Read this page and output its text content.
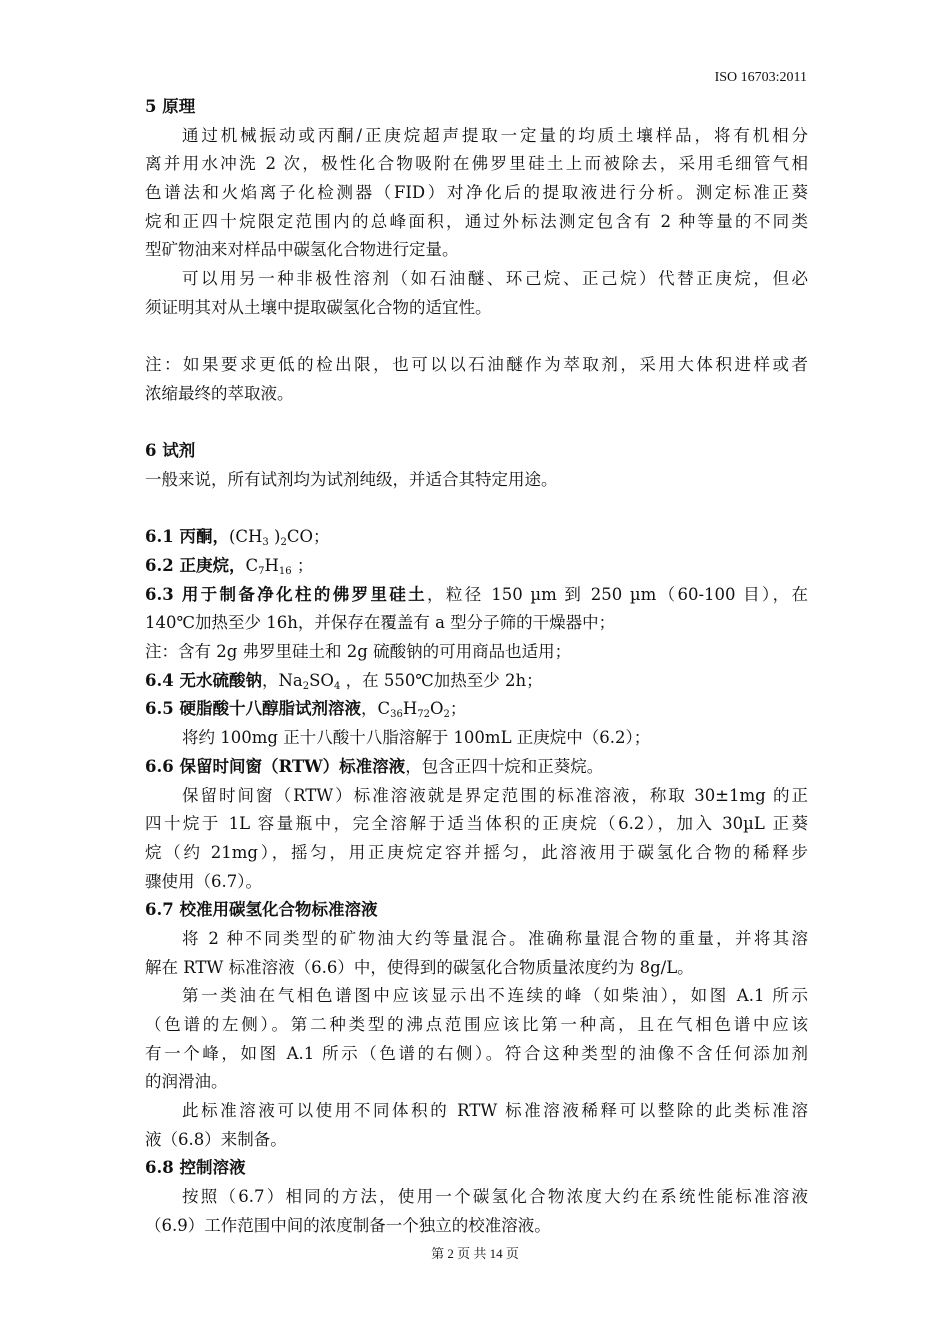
ISO 16703:2011
5 原理
通过机械振动或丙酮/正庚烷超声提取一定量的均质土壤样品，将有机相分
离并用水冲洗 2 次，极性化合物吸附在佛罗里硅土上而被除去，采用毛细管气相
色谱法和火焰离子化检测器（FID）对净化后的提取液进行分析。测定标准正葵
烷和正四十烷限定范围内的总峰面积，通过外标法测定包含有 2 种等量的不同类
型矿物油来对样品中碳氢化合物进行定量。
可以用另一种非极性溶剂（如石油醚、环己烷、正己烷）代替正庚烷，但必
须证明其对从土壤中提取碳氢化合物的适宜性。
注：如果要求更低的检出限，也可以以石油醚作为萃取剂，采用大体积进样或者
浓缩最终的萃取液。
6 试剂
一般来说，所有试剂均为试剂纯级，并适合其特定用途。
6.1 丙酮，($CH_3$ )$_2CO$；
6.2 正庚烷，$C_7H_{16}$ ；
6.3 用于制备净化柱的佛罗里硅土，粒径 150 µm 到 250 µm（60-100 目），在
140℃加热至少 16h，并保存在覆盖有 a 型分子筛的干燥器中；
注：含有 2g 弗罗里硅土和 2g 硫酸钠的可用商品也适用；
6.4 无水硫酸钠，$Na_2SO_4$ ，在 550℃加热至少 2h；
6.5 硬脂酸十八醇脂试剂溶液，$C_{36}H_{72}O_2$；
将约 100mg 正十八酸十八脂溶解于 100mL 正庚烷中（6.2）；
6.6 保留时间窗（RTW）标准溶液，包含正四十烷和正葵烷。
保留时间窗（RTW）标准溶液就是界定范围的标准溶液，称取 30±1mg 的正
四十烷于 1L 容量瓶中，完全溶解于适当体积的正庚烷（6.2），加入 30µL 正葵
烷（约 21mg），摇匀，用正庚烷定容并摇匀，此溶液用于碳氢化合物的稀释步
骤使用（6.7）。
6.7 校准用碳氢化合物标准溶液
将 2 种不同类型的矿物油大约等量混合。准确称量混合物的重量，并将其溶
解在 RTW 标准溶液（6.6）中，使得到的碳氢化合物质量浓度约为 8g/L。
第一类油在气相色谱图中应该显示出不连续的峰（如柴油），如图 A.1 所示
（色谱的左侧）。第二种类型的沸点范围应该比第一种高，且在气相色谱中应该
有一个峰，如图 A.1 所示（色谱的右侧）。符合这种类型的油像不含任何添加剂
的润滑油。
此标准溶液可以使用不同体积的 RTW 标准溶液稀释可以整除的此类标准溶
液（6.8）来制备。
6.8 控制溶液
按照（6.7）相同的方法，使用一个碳氢化合物浓度大约在系统性能标准溶液
（6.9）工作范围中间的浓度制备一个独立的校准溶液。
第 2 页 共 14 页
